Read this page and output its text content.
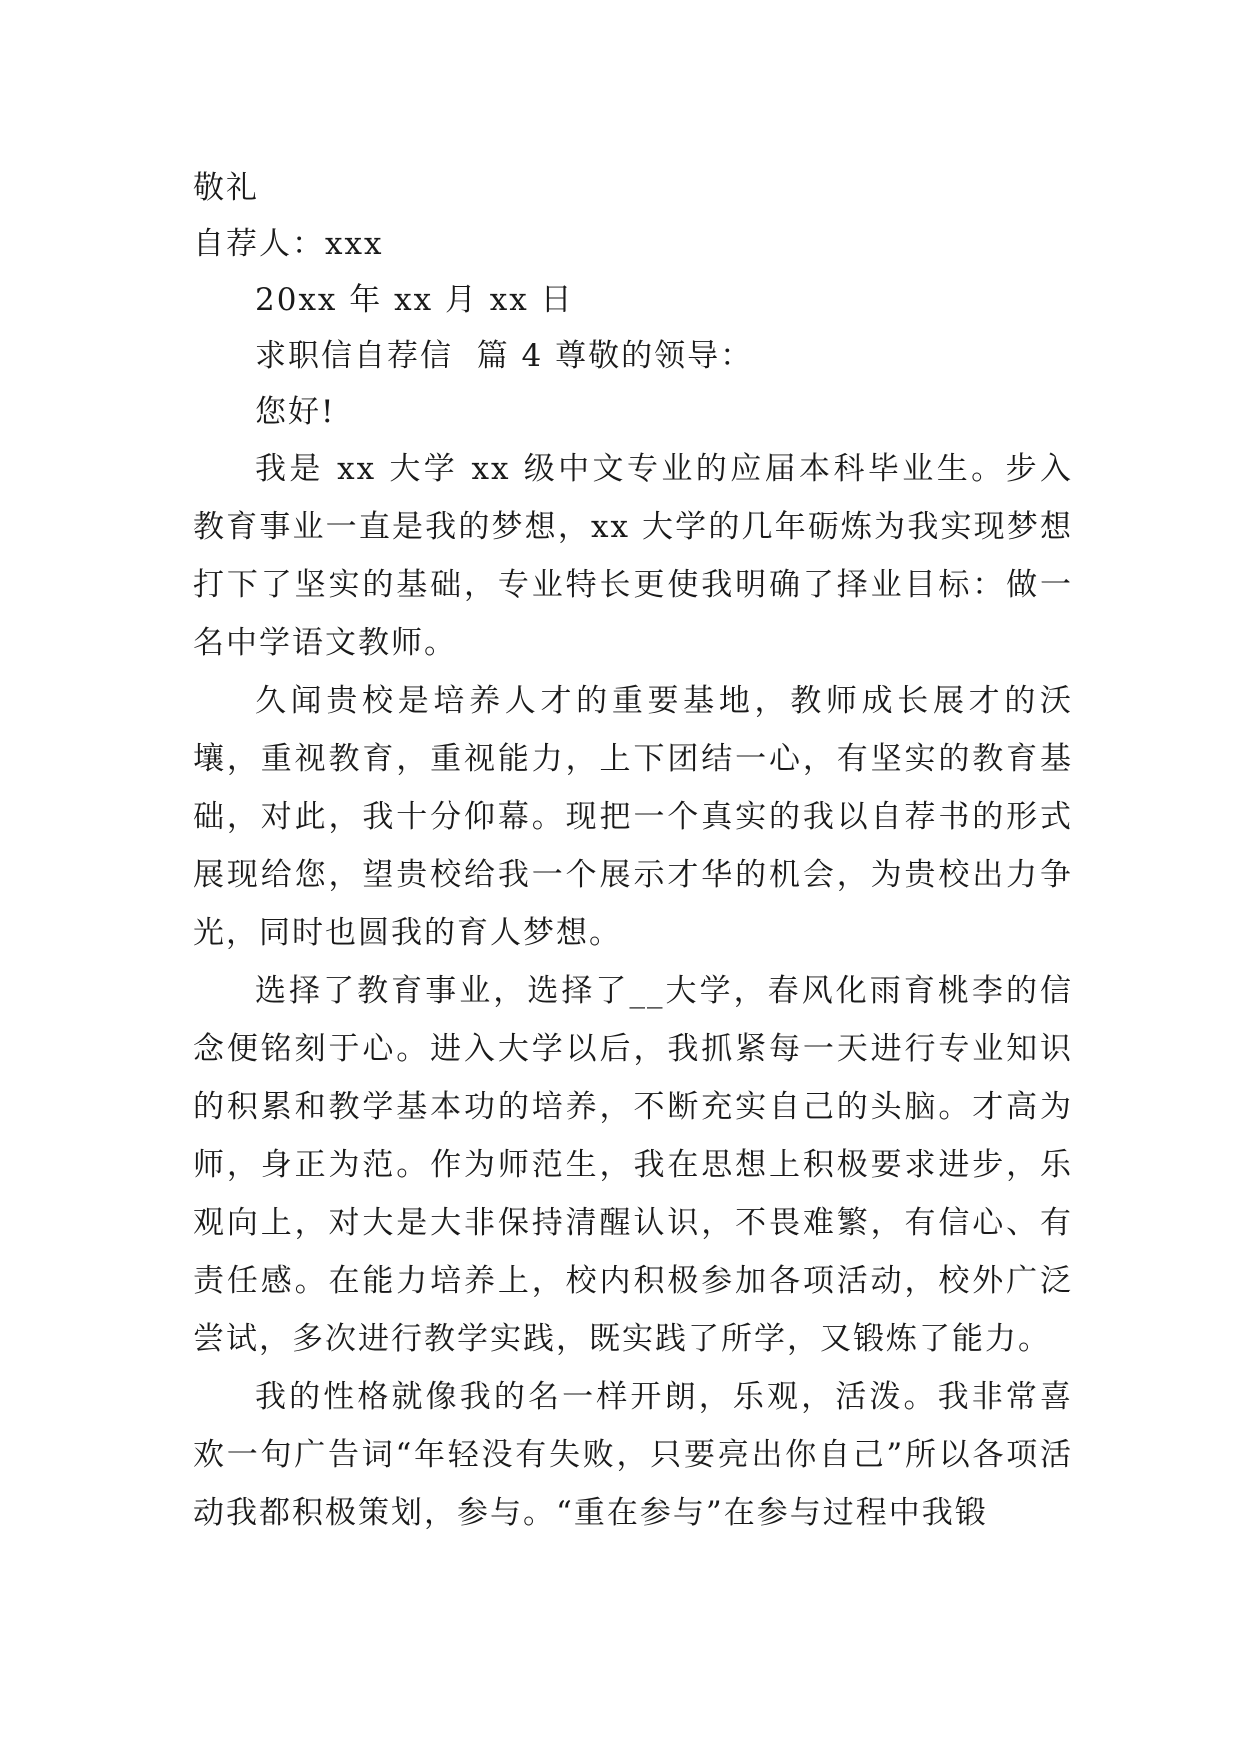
敬礼
自荐人：xxx
20xx 年 xx 月 xx 日
求职信自荐信  篇 4 尊敬的领导：
您好!

我是 xx 大学 xx 级中文专业的应届本科毕业生。步入教育事业一直是我的梦想，xx 大学的几年砺炼为我实现梦想打下了坚实的基础，专业特长更使我明确了择业目标：做一名中学语文教师。

久闻贵校是培养人才的重要基地，教师成长展才的沃壤，重视教育，重视能力，上下团结一心，有坚实的教育基础，对此，我十分仰幕。现把一个真实的我以自荐书的形式展现给您，望贵校给我一个展示才华的机会，为贵校出力争光，同时也圆我的育人梦想。

选择了教育事业，选择了__大学，春风化雨育桃李的信念便铭刻于心。进入大学以后，我抓紧每一天进行专业知识的积累和教学基本功的培养，不断充实自己的头脑。才高为师，身正为范。作为师范生，我在思想上积极要求进步，乐观向上，对大是大非保持清醒认识，不畏难繁，有信心、有责任感。在能力培养上，校内积极参加各项活动，校外广泛尝试，多次进行教学实践，既实践了所学，又锻炼了能力。

我的性格就像我的名一样开朗，乐观，活泼。我非常喜欢一句广告词“年轻没有失败，只要亮出你自己”所以各项活动我都积极策划，参与。“重在参与”在参与过程中我锻
